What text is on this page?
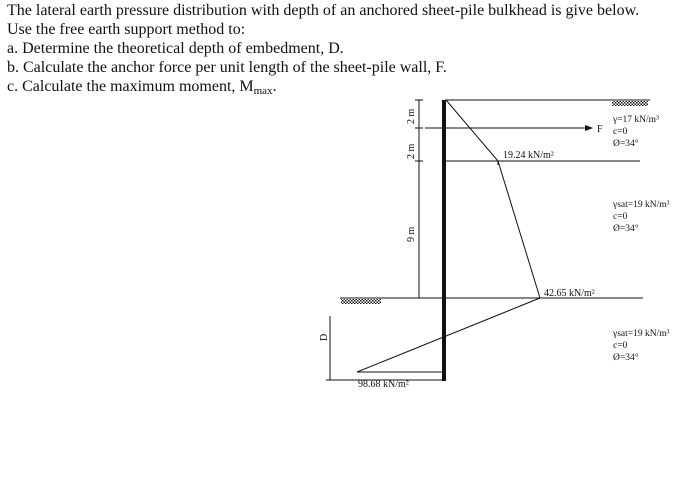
The lateral earth pressure distribution with depth of an anchored sheet-pile bulkhead is give below.
Use the free earth support method to:
a. Determine the theoretical depth of embedment, D.
b. Calculate the anchor force per unit length of the sheet-pile wall, F.
c. Calculate the maximum moment, $M_{max}$.
F
19.24 kN/m²
42.65 kN/m²
98.68 kN/m²
2 m
2 m
9 m
D
γ=17 kN/m³
c=0
Ø=34°
γsat=19 kN/m³
c=0
Ø=34°
γsat=19 kN/m³
c=0
Ø=34°
